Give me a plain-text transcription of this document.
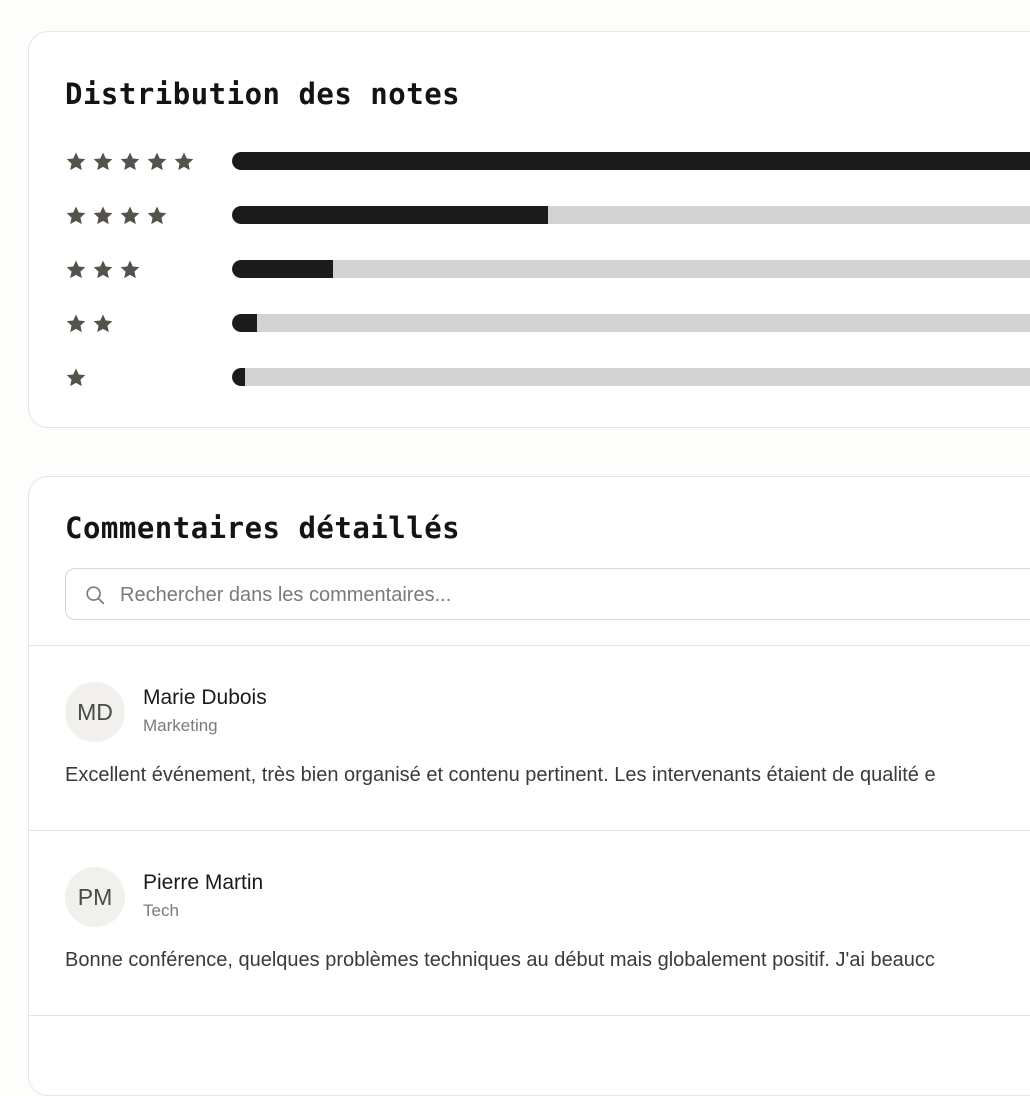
Distribution des notes
Commentaires détaillés
Rechercher dans les commentaires...
MD
Marie Dubois
Marketing
Excellent événement, très bien organisé et contenu pertinent. Les intervenants étaient de qualité e
PM
Pierre Martin
Tech
Bonne conférence, quelques problèmes techniques au début mais globalement positif. J'ai beaucc
